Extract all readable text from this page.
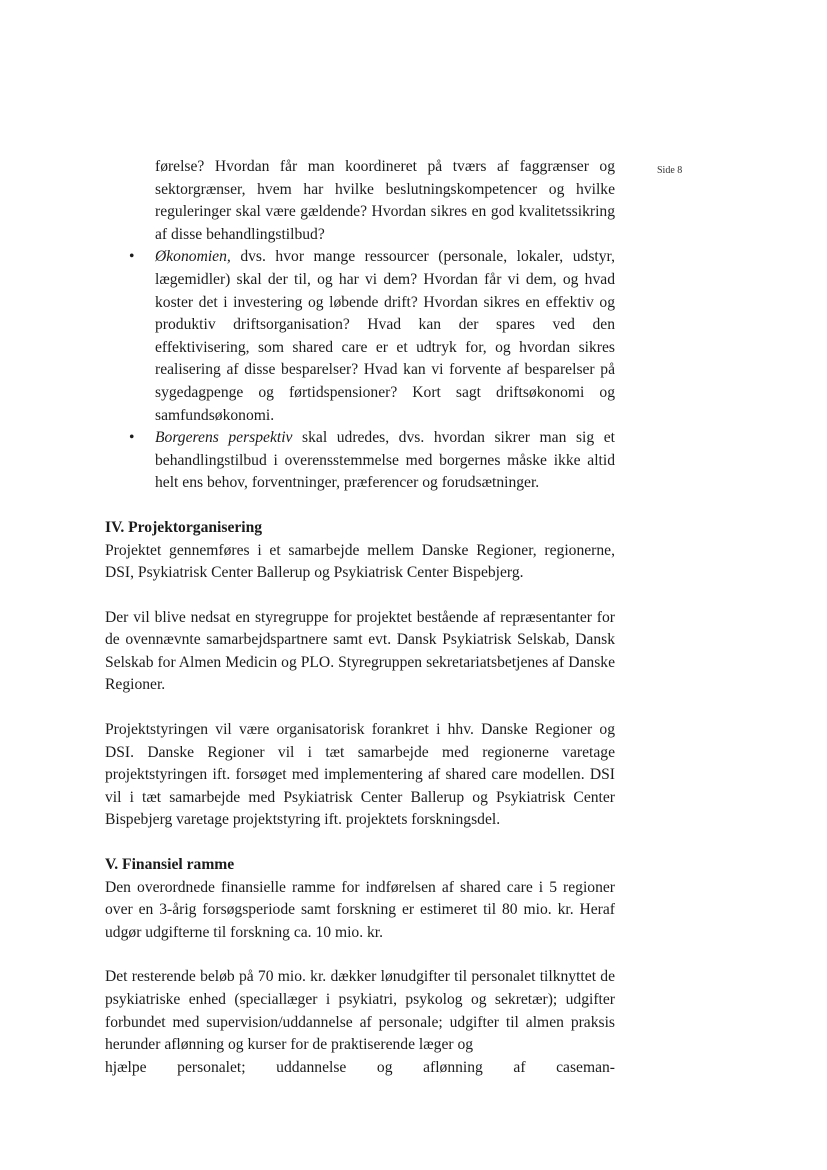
Side 8

førelse? Hvordan får man koordineret på tværs af faggrænser og sektorgrænser, hvem har hvilke beslutningskompetencer og hvilke reguleringer skal være gældende? Hvordan sikres en god kvalitetssikring af disse behandlingstilbud?

• Økonomien, dvs. hvor mange ressourcer (personale, lokaler, udstyr, lægemidler) skal der til, og har vi dem? Hvordan får vi dem, og hvad koster det i investering og løbende drift? Hvordan sikres en effektiv og produktiv driftsorganisation? Hvad kan der spares ved den effektivisering, som shared care er et udtryk for, og hvordan sikres realisering af disse besparelser? Hvad kan vi forvente af besparelser på sygedagpenge og førtidspensioner? Kort sagt driftsøkonomi og samfundsøkonomi.
• Borgerens perspektiv skal udredes, dvs. hvordan sikrer man sig et behandlingstilbud i overensstemmelse med borgernes måske ikke altid helt ens behov, forventninger, præferencer og forudsætninger.
IV. Projektorganisering

Projektet gennemføres i et samarbejde mellem Danske Regioner, regionerne, DSI, Psykiatrisk Center Ballerup og Psykiatrisk Center Bispebjerg.

Der vil blive nedsat en styregruppe for projektet bestående af repræsentanter for de ovennævnte samarbejdspartnere samt evt. Dansk Psykiatrisk Selskab, Dansk Selskab for Almen Medicin og PLO. Styregruppen sekretariatsbetjenes af Danske Regioner.

Projektstyringen vil være organisatorisk forankret i hhv. Danske Regioner og DSI. Danske Regioner vil i tæt samarbejde med regionerne varetage projektstyringen ift. forsøget med implementering af shared care modellen. DSI vil i tæt samarbejde med Psykiatrisk Center Ballerup og Psykiatrisk Center Bispebjerg varetage projektstyring ift. projektets forskningsdel.

V. Finansiel ramme

Den overordnede finansielle ramme for indførelsen af shared care i 5 regioner over en 3-årig forsøgsperiode samt forskning er estimeret til 80 mio. kr. Heraf udgør udgifterne til forskning ca. 10 mio. kr.

Det resterende beløb på 70 mio. kr. dækker lønudgifter til personalet tilknyttet de psykiatriske enhed (speciallæger i psykiatri, psykolog og sekretær); udgifter forbundet med supervision/uddannelse af personale; udgifter til almen praksis herunder aflønning og kurser for de praktiserende læger og

hjælpe personalet; uddannelse og aflønning af caseman-
